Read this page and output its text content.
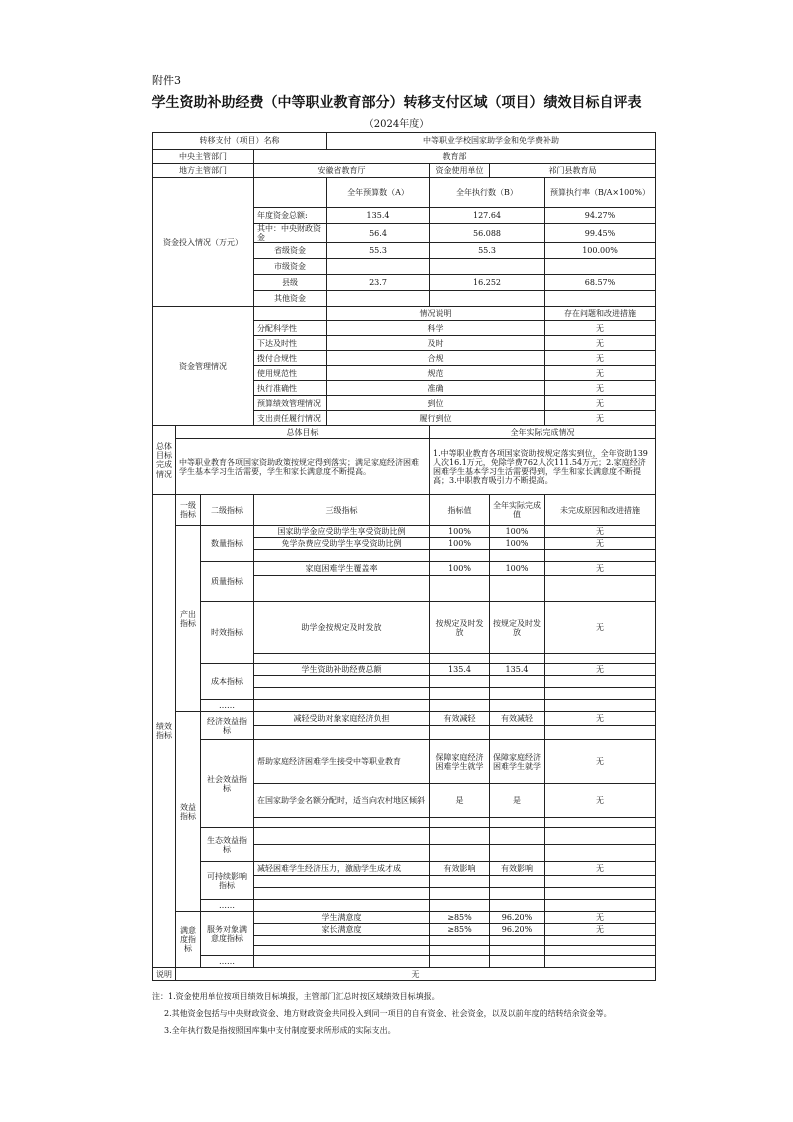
附件3
学生资助补助经费（中等职业教育部分）转移支付区域（项目）绩效目标自评表
（2024年度）
转移支付（项目）名称				中等职业学校国家助学金和免学费补助			
中央主管部门			教育部				
地方主管部门			安徽省教育厅		资金使用单位	祁门县教育局	
资金投入情况（万元）				全年预算数（A）	全年执行数（B）		预算执行率（B/A×100%）
			年度资金总额:	135.4	127.64		94.27%
			其中：中央财政资金	56.4	56.088		99.45%
			省级资金	55.3	55.3		100.00%
			市级资金				
			县级	23.7	16.252		68.57%
			其他资金				
资金管理情况				情况说明			存在问题和改进措施
			分配科学性	科学			无
			下达及时性	及时			无
			拨付合规性	合规			无
			使用规范性	规范			无
			执行准确性	准确			无
			预算绩效管理情况	到位			无
			支出责任履行情况	履行到位			无
总体目标完成情况	总体目标				全年实际完成情况		
	中等职业教育各项国家资助政策按规定得到落实；满足家庭经济困难学生基本学习生活需要，学生和家长满意度不断提高。				1.中等职业教育各项国家资助按规定落实到位，全年资助139人次16.1万元，免除学费762人次111.54万元；2.家庭经济困难学生基本学习生活需要得到，学生和家长满意度不断提高；3.中职教育吸引力不断提高。		
绩效指标	一级指标	二级指标	三级指标		指标值	全年实际完成值	未完成原因和改进措施
	产出指标	数量指标	国家助学金应受助学生享受资助比例		100%	100%	无
			免学杂费应受助学生享受资助比例		100%	100%	无

		质量指标	家庭困难学生覆盖率		100%	100%	无

		时效指标	助学金按规定及时发放		按规定及时发放	按规定及时发放	无

		成本指标	学生资助补助经费总额		135.4	135.4	无

		……					
	效益指标	经济效益指标	减轻受助对象家庭经济负担		有效减轻	有效减轻	无

		社会效益指标	帮助家庭经济困难学生接受中等职业教育		保障家庭经济困难学生就学	保障家庭经济困难学生就学	无
			在国家助学金名额分配时，适当向农村地区倾斜		是	是	无

		生态效益指标					

		可持续影响指标	减轻困难学生经济压力，激励学生成才成		有效影响	有效影响	无

		……					
	满意度指标	服务对象满意度指标	学生满意度		≥85%	96.20%	无
			家长满意度		≥85%	96.20%	无

		……					
说明	无						

注：1.资金使用单位按项目绩效目标填报，主管部门汇总时按区域绩效目标填报。

2.其他资金包括与中央财政资金、地方财政资金共同投入到同一项目的自有资金、社会资金，以及以前年度的结转结余资金等。

3.全年执行数是指按照国库集中支付制度要求所形成的实际支出。
